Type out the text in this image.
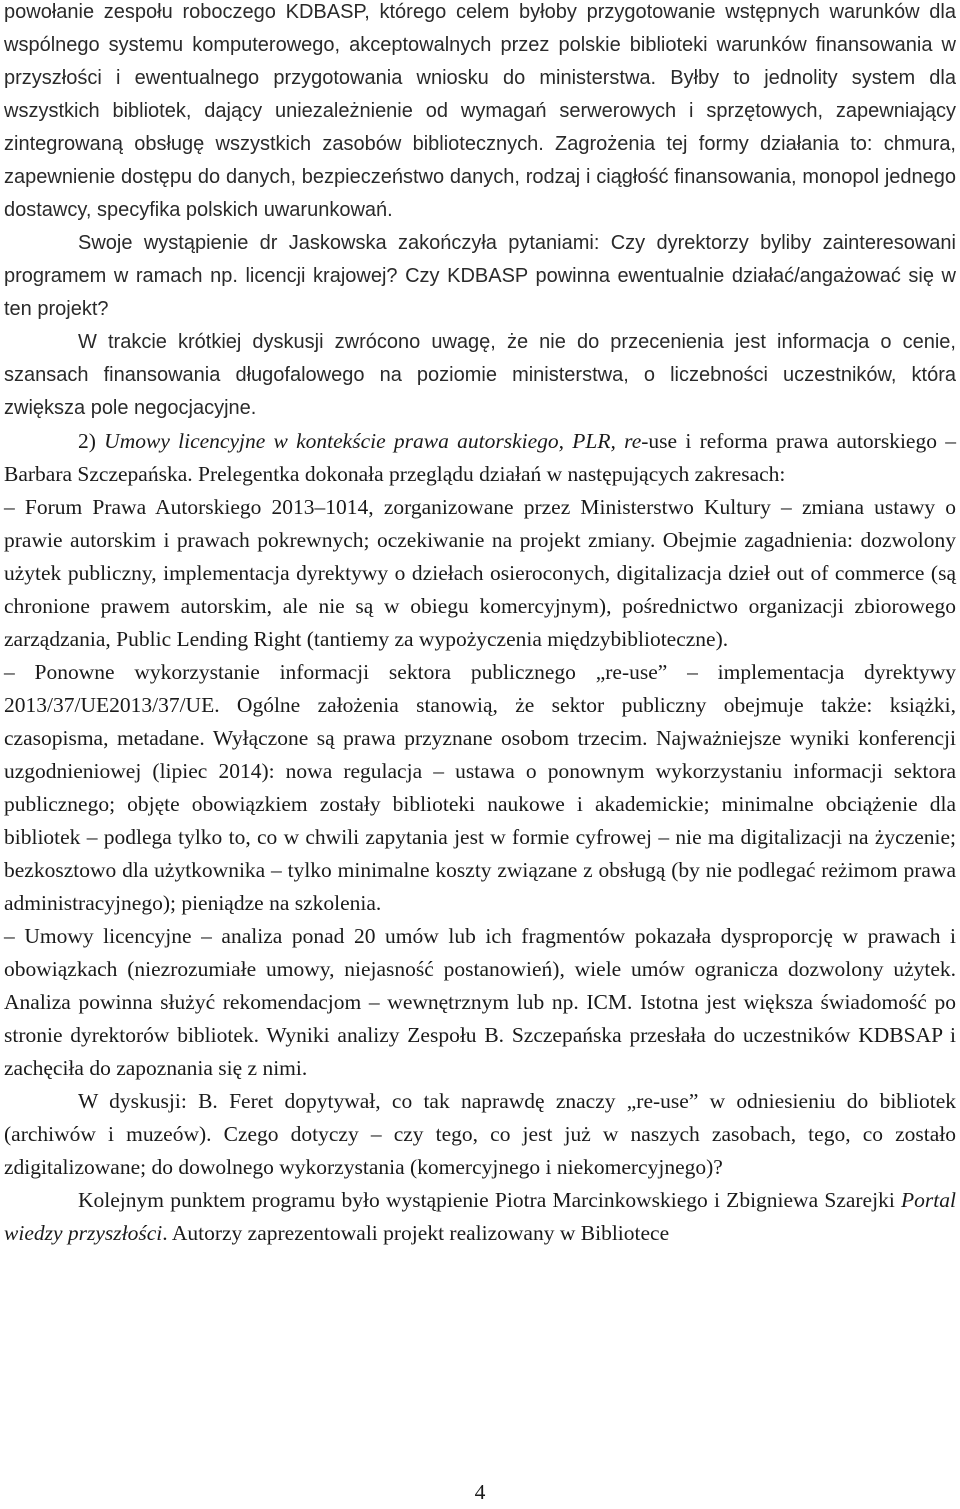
powołanie zespołu roboczego KDBASP, którego celem byłoby przygotowanie wstępnych warunków dla wspólnego systemu komputerowego, akceptowalnych przez polskie biblioteki warunków finansowania w przyszłości i ewentualnego przygotowania wniosku do ministerstwa. Byłby to jednolity system dla wszystkich bibliotek, dający uniezależnienie od wymagań serwerowych i sprzętowych, zapewniający zintegrowaną obsługę wszystkich zasobów bibliotecznych. Zagrożenia tej formy działania to: chmura, zapewnienie dostępu do danych, bezpieczeństwo danych, rodzaj i ciągłość finansowania, monopol jednego dostawcy, specyfika polskich uwarunkowań.

Swoje wystąpienie dr Jaskowska zakończyła pytaniami: Czy dyrektorzy byliby zainteresowani programem w ramach np. licencji krajowej? Czy KDBASP powinna ewentualnie działać/angażować się w ten projekt?

W trakcie krótkiej dyskusji zwrócono uwagę, że nie do przecenienia jest informacja o cenie, szansach finansowania długofalowego na poziomie ministerstwa, o liczebności uczestników, która zwiększa pole negocjacyjne.

2) Umowy licencyjne w kontekście prawa autorskiego, PLR, re-use i reforma prawa autorskiego – Barbara Szczepańska. Prelegentka dokonała przeglądu działań w następujących zakresach:

– Forum Prawa Autorskiego 2013–1014, zorganizowane przez Ministerstwo Kultury – zmiana ustawy o prawie autorskim i prawach pokrewnych; oczekiwanie na projekt zmiany. Obejmie zagadnienia: dozwolony użytek publiczny, implementacja dyrektywy o dziełach osieroconych, digitalizacja dzieł out of commerce (są chronione prawem autorskim, ale nie są w obiegu komercyjnym), pośrednictwo organizacji zbiorowego zarządzania, Public Lending Right (tantiemy za wypożyczenia międzybiblioteczne).

– Ponowne wykorzystanie informacji sektora publicznego „re-use” – implementacja dyrektywy 2013/37/UE2013/37/UE. Ogólne założenia stanowią, że sektor publiczny obejmuje także: książki, czasopisma, metadane. Wyłączone są prawa przyznane osobom trzecim. Najważniejsze wyniki konferencji uzgodnieniowej (lipiec 2014): nowa regulacja – ustawa o ponownym wykorzystaniu informacji sektora publicznego; objęte obowiązkiem zostały biblioteki naukowe i akademickie; minimalne obciążenie dla bibliotek – podlega tylko to, co w chwili zapytania jest w formie cyfrowej – nie ma digitalizacji na życzenie; bezkosztowo dla użytkownika – tylko minimalne koszty związane z obsługą (by nie podlegać reżimom prawa administracyjnego); pieniądze na szkolenia.

– Umowy licencyjne – analiza ponad 20 umów lub ich fragmentów pokazała dysproporcję w prawach i obowiązkach (niezrozumiałe umowy, niejasność postanowień), wiele umów ogranicza dozwolony użytek. Analiza powinna służyć rekomendacjom – wewnętrznym lub np. ICM. Istotna jest większa świadomość po stronie dyrektorów bibliotek. Wyniki analizy Zespołu B. Szczepańska przesłała do uczestników KDBSAP i zachęciła do zapoznania się z nimi.

W dyskusji: B. Feret dopytywał, co tak naprawdę znaczy „re-use” w odniesieniu do bibliotek (archiwów i muzeów). Czego dotyczy – czy tego, co jest już w naszych zasobach, tego, co zostało zdigitalizowane; do dowolnego wykorzystania (komercyjnego i niekomercyjnego)?

Kolejnym punktem programu było wystąpienie Piotra Marcinkowskiego i Zbigniewa Szarejki Portal wiedzy przyszłości. Autorzy zaprezentowali projekt realizowany w Bibliotece

4
